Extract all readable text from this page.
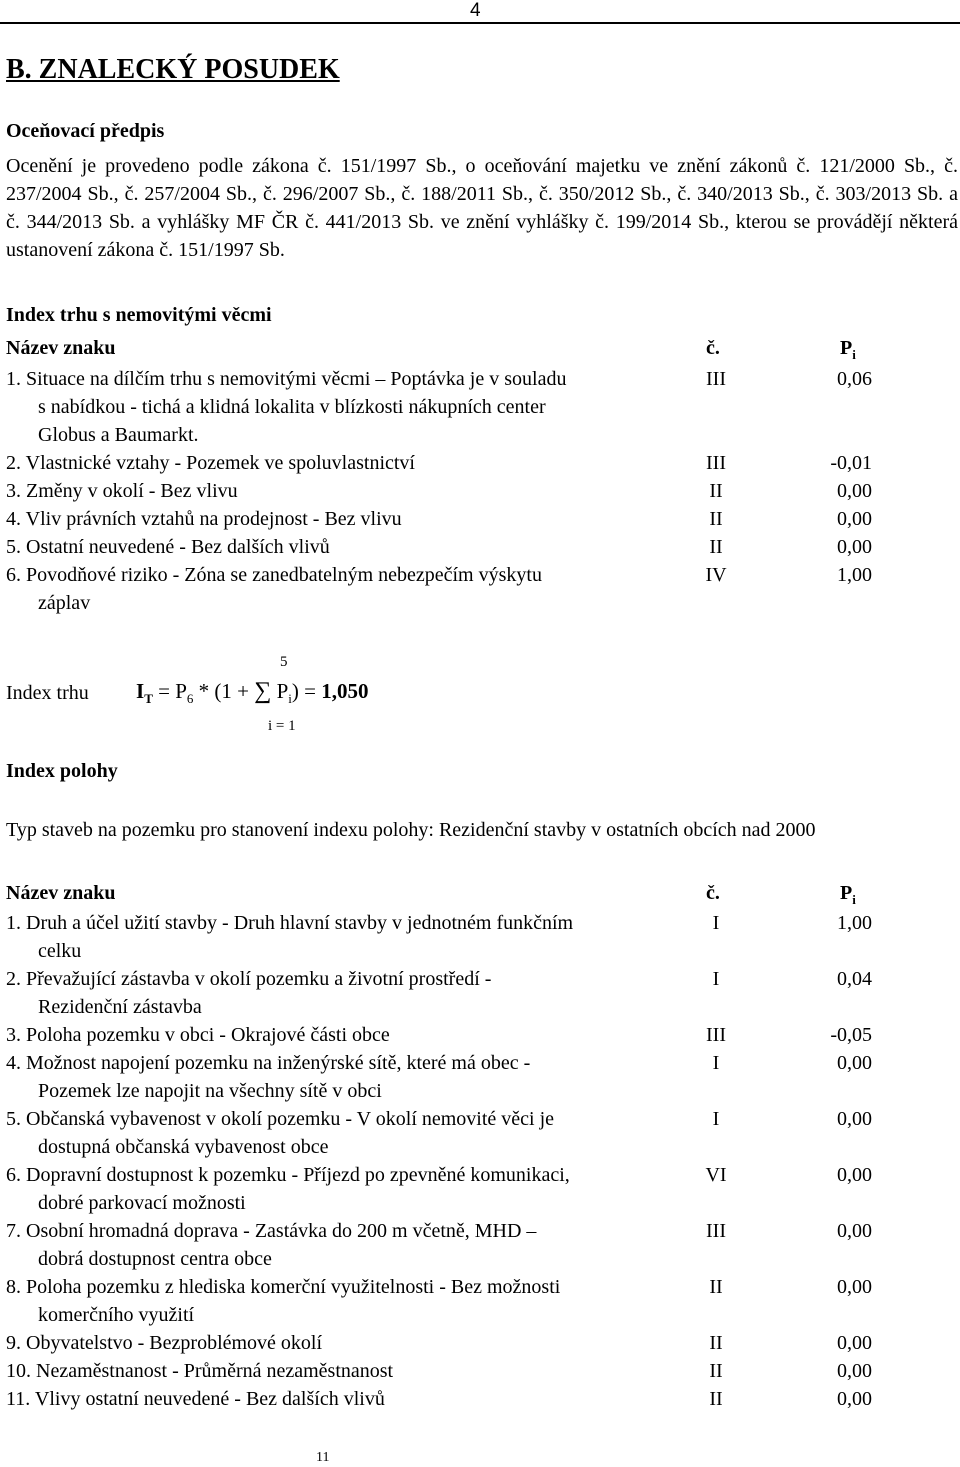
4
B. ZNALECKÝ POSUDEK
Oceňovací předpis
Ocenění je provedeno podle zákona č. 151/1997 Sb., o oceňování majetku ve znění zákonů č. 121/2000 Sb., č. 237/2004 Sb., č. 257/2004 Sb., č. 296/2007 Sb., č. 188/2011 Sb., č. 350/2012 Sb., č. 340/2013 Sb., č. 303/2013 Sb. a č. 344/2013 Sb. a vyhlášky MF ČR č. 441/2013 Sb. ve znění vyhlášky č. 199/2014 Sb., kterou se provádějí některá ustanovení zákona č. 151/1997 Sb.
Index trhu s nemovitými věcmi
Název znaku	č.	$P_i$
1. Situace na dílčím trhu s nemovitými věcmi – Poptávka je v souladu
s nabídkou - tichá a klidná lokalita v blízkosti nákupních center
Globus a Baumarkt.
III	0,06
2. Vlastnické vztahy - Pozemek ve spoluvlastnictví	III	-0,01
3. Změny v okolí - Bez vlivu	II	0,00
4. Vliv právních vztahů na prodejnost - Bez vlivu	II	0,00
5. Ostatní neuvedené - Bez dalších vlivů	II	0,00
6. Povodňové riziko - Zóna se zanedbatelným nebezpečím výskytu
záplav
IV	1,00
Index trhu
5
i = 1
$I_T = P_6 * (1$ + ∑ $P_i) = 1,050$
Index polohy
Typ staveb na pozemku pro stanovení indexu polohy: Rezidenční stavby v ostatních obcích nad 2000
Název znaku	č.	$P_i$
1. Druh a účel užití stavby - Druh hlavní stavby v jednotném funkčním
celku
I	1,00
2. Převažující zástavba v okolí pozemku a životní prostředí -
Rezidenční zástavba
I	0,04
3. Poloha pozemku v obci - Okrajové části obce	III	-0,05
4. Možnost napojení pozemku na inženýrské sítě, které má obec -
Pozemek lze napojit na všechny sítě v obci
I	0,00
5. Občanská vybavenost v okolí pozemku - V okolí nemovité věci je
dostupná občanská vybavenost obce
I	0,00
6. Dopravní dostupnost k pozemku - Příjezd po zpevněné komunikaci,
dobré parkovací možnosti
VI	0,00
7. Osobní hromadná doprava - Zastávka do 200 m včetně, MHD –
dobrá dostupnost centra obce
III	0,00
8. Poloha pozemku z hlediska komerční využitelnosti - Bez možnosti
komerčního využití
II	0,00
9. Obyvatelstvo - Bezproblémové okolí	II	0,00
10. Nezaměstnanost - Průměrná nezaměstnanost	II	0,00
11. Vlivy ostatní neuvedené - Bez dalších vlivů	II	0,00
11
